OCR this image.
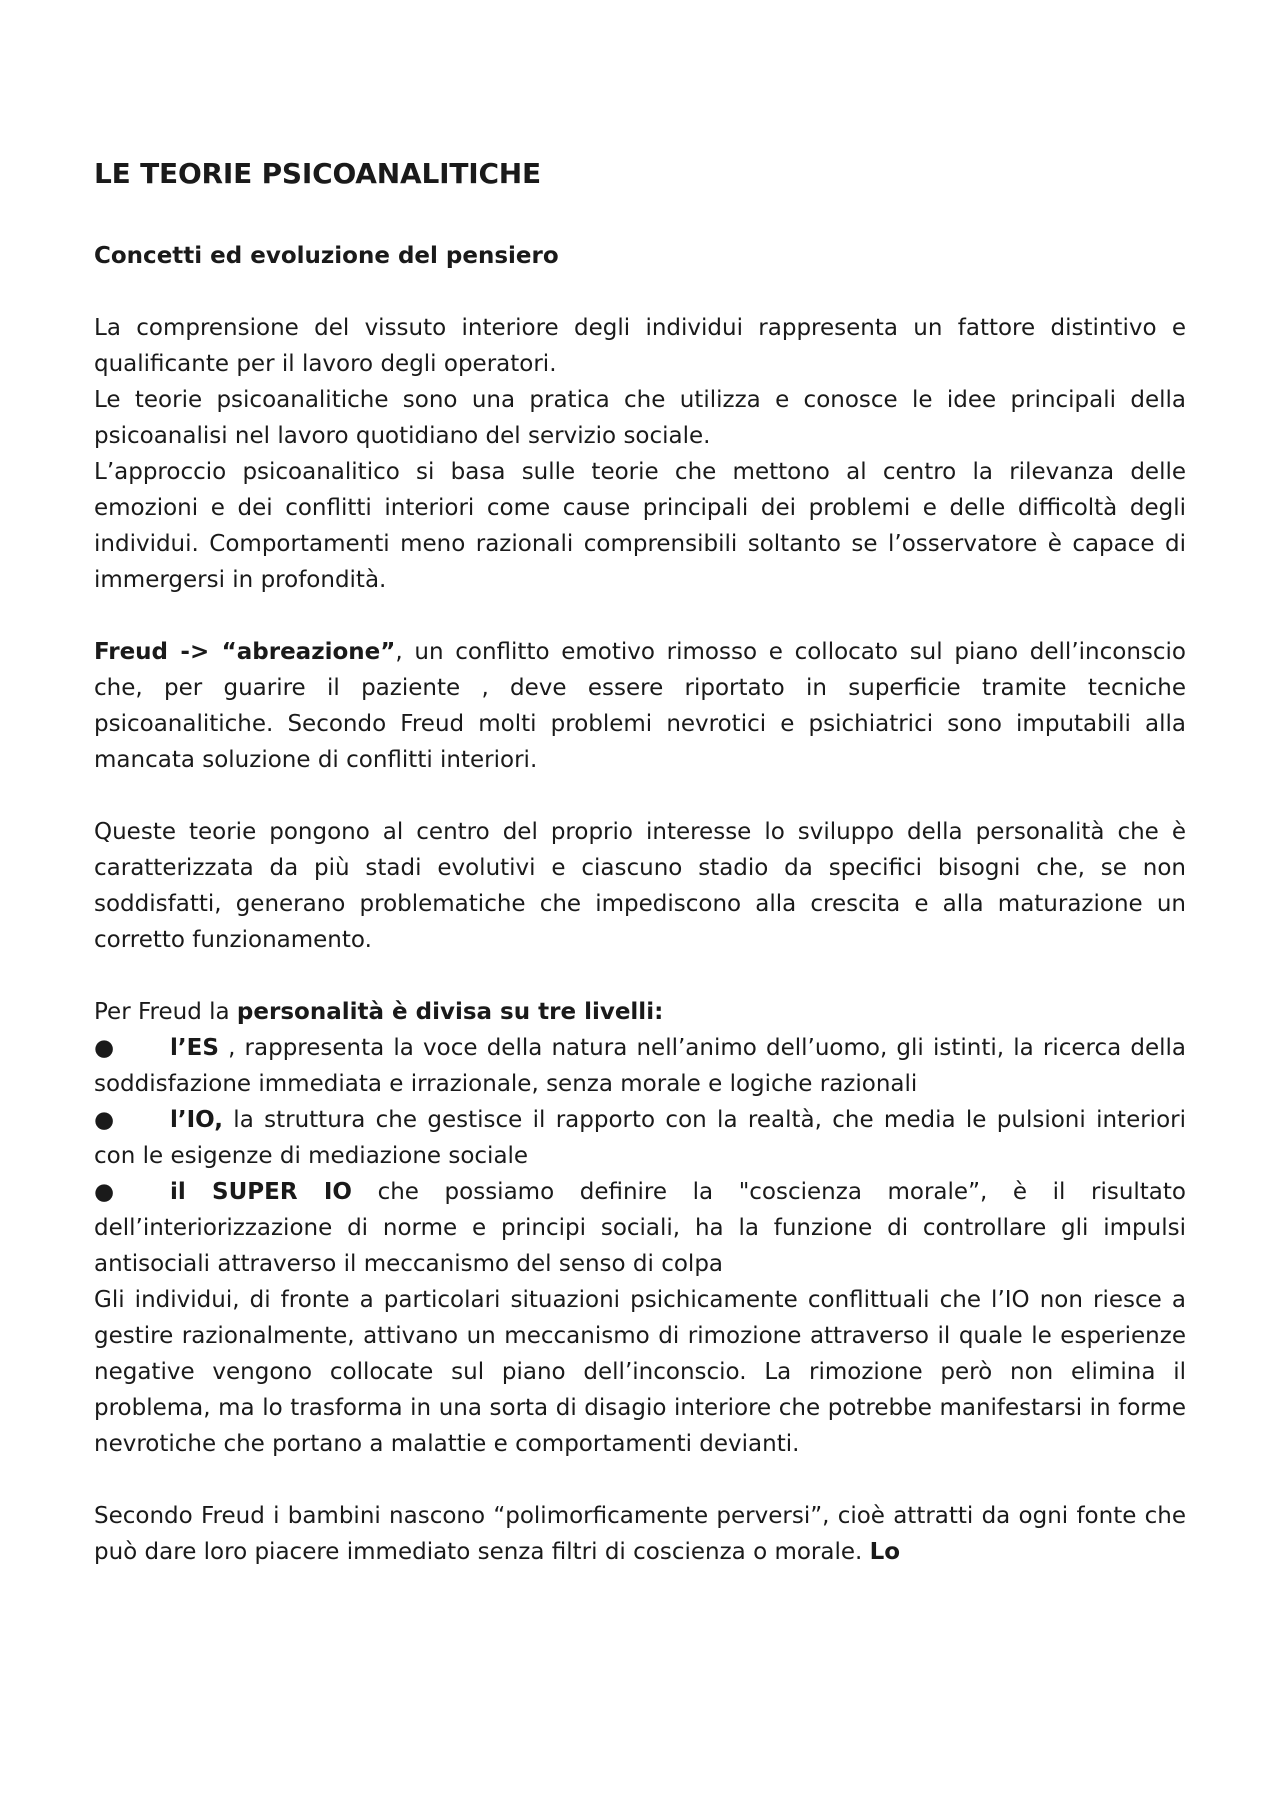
LE TEORIE PSICOANALITICHE
Concetti ed evoluzione del pensiero

La comprensione del vissuto interiore degli individui rappresenta un fattore distintivo e qualificante per il lavoro degli operatori.

Le teorie psicoanalitiche sono una pratica che utilizza e conosce le idee principali della psicoanalisi nel lavoro quotidiano del servizio sociale.

L’approccio psicoanalitico si basa sulle teorie che mettono al centro la rilevanza delle emozioni e dei conflitti interiori come cause principali dei problemi e delle difficoltà degli individui. Comportamenti meno razionali comprensibili soltanto se l’osservatore è capace di immergersi in profondità.

Freud -> “abreazione”, un conflitto emotivo rimosso e collocato sul piano dell’inconscio che, per guarire il paziente , deve essere riportato in superficie tramite tecniche psicoanalitiche. Secondo Freud molti problemi nevrotici e psichiatrici sono imputabili alla mancata soluzione di conflitti interiori.

Queste teorie pongono al centro del proprio interesse lo sviluppo della personalità che è caratterizzata da più stadi evolutivi e ciascuno stadio da specifici bisogni che, se non soddisfatti, generano problematiche che impediscono alla crescita e alla maturazione un corretto funzionamento.

Per Freud la personalità è divisa su tre livelli:

● l’ES , rappresenta la voce della natura nell’animo dell’uomo, gli istinti, la ricerca della soddisfazione immediata e irrazionale, senza morale e logiche razionali

● l’IO, la struttura che gestisce il rapporto con la realtà, che media le pulsioni interiori con le esigenze di mediazione sociale

● il SUPER IO che possiamo definire la "coscienza morale”, è il risultato dell’interiorizzazione di norme e principi sociali, ha la funzione di controllare gli impulsi antisociali attraverso il meccanismo del senso di colpa

Gli individui, di fronte a particolari situazioni psichicamente conflittuali che l’IO non riesce a gestire razionalmente, attivano un meccanismo di rimozione attraverso il quale le esperienze negative vengono collocate sul piano dell’inconscio. La rimozione però non elimina il problema, ma lo trasforma in una sorta di disagio interiore che potrebbe manifestarsi in forme nevrotiche che portano a malattie e comportamenti devianti.

Secondo Freud i bambini nascono “polimorficamente perversi”, cioè attratti da ogni fonte che può dare loro piacere immediato senza filtri di coscienza o morale. Lo
